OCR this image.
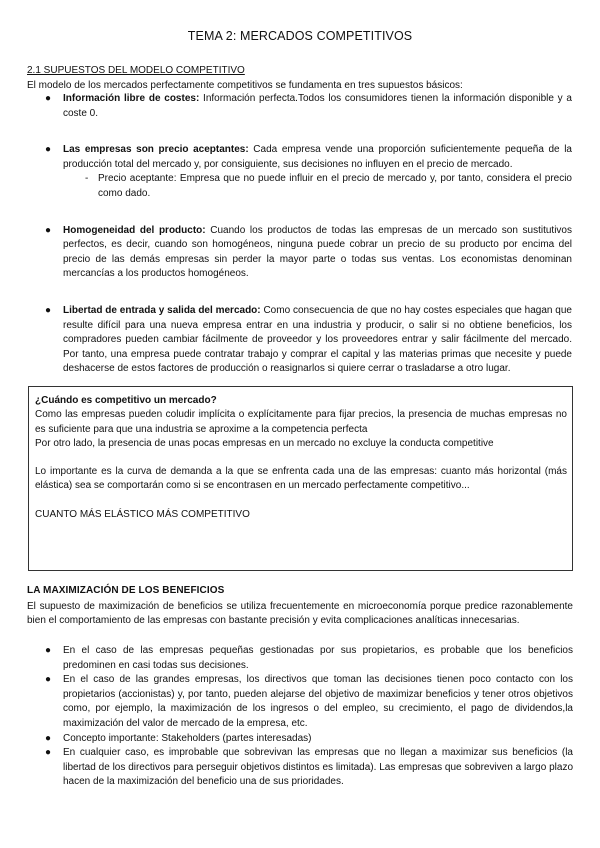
TEMA 2: MERCADOS COMPETITIVOS

2.1 SUPUESTOS DEL MODELO COMPETITIVO

El modelo de los mercados perfectamente competitivos se fundamenta en tres supuestos básicos:

● Información libre de costes: Información perfecta.Todos los consumidores tienen la información disponible y a coste 0.
● Las empresas son precio aceptantes: Cada empresa vende una proporción suficientemente pequeña de la producción total del mercado y, por consiguiente, sus decisiones no influyen en el precio de mercado.
- Precio aceptante: Empresa que no puede influir en el precio de mercado y, por tanto, considera el precio como dado.
● Homogeneidad del producto: Cuando los productos de todas las empresas de un mercado son sustitutivos perfectos, es decir, cuando son homogéneos, ninguna puede cobrar un precio de su producto por encima del precio de las demás empresas sin perder la mayor parte o todas sus ventas. Los economistas denominan mercancías a los productos homogéneos.
● Libertad de entrada y salida del mercado: Como consecuencia de que no hay costes especiales que hagan que resulte difícil para una nueva empresa entrar en una industria y producir, o salir si no obtiene beneficios, los compradores pueden cambiar fácilmente de proveedor y los proveedores entrar y salir fácilmente del mercado. Por tanto, una empresa puede contratar trabajo y comprar el capital y las materias primas que necesite y puede deshacerse de estos factores de producción o reasignarlos si quiere cerrar o trasladarse a otro lugar.

¿Cuándo es competitivo un mercado?

Como las empresas pueden coludir implícita o explícitamente para fijar precios, la presencia de muchas empresas no es suficiente para que una industria se aproxime a la competencia perfecta

Por otro lado, la presencia de unas pocas empresas en un mercado no excluye la conducta competitive

Lo importante es la curva de demanda a la que se enfrenta cada una de las empresas: cuanto más horizontal (más elástica) sea se comportarán como si se encontrasen en un mercado perfectamente competitivo...

CUANTO MÁS ELÁSTICO MÁS COMPETITIVO

LA MAXIMIZACIÓN DE LOS BENEFICIOS

El supuesto de maximización de beneficios se utiliza frecuentemente en microeconomía porque predice razonablemente bien el comportamiento de las empresas con bastante precisión y evita complicaciones analíticas innecesarias.

● En el caso de las empresas pequeñas gestionadas por sus propietarios, es probable que los beneficios predominen en casi todas sus decisiones.
● En el caso de las grandes empresas, los directivos que toman las decisiones tienen poco contacto con los propietarios (accionistas) y, por tanto, pueden alejarse del objetivo de maximizar beneficios y tener otros objetivos como, por ejemplo, la maximización de los ingresos o del empleo, su crecimiento, el pago de dividendos,la maximización del valor de mercado de la empresa, etc.
● Concepto importante: Stakeholders (partes interesadas)
● En cualquier caso, es improbable que sobrevivan las empresas que no llegan a maximizar sus beneficios (la libertad de los directivos para perseguir objetivos distintos es limitada). Las empresas que sobreviven a largo plazo hacen de la maximización del beneficio una de sus prioridades.
